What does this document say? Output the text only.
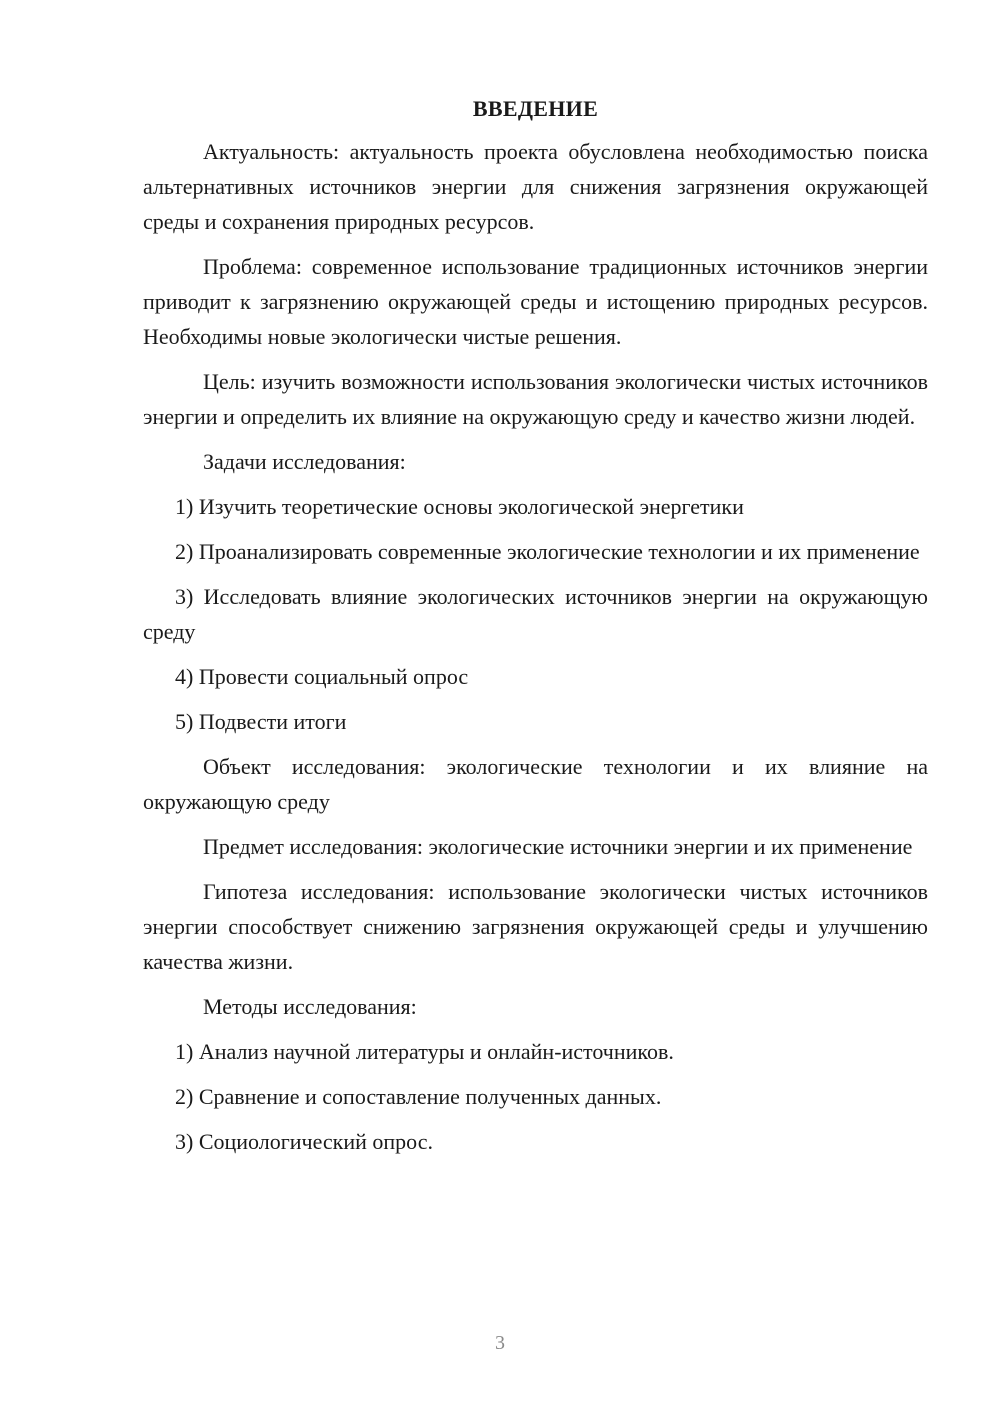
ВВЕДЕНИЕ

Актуальность: актуальность проекта обусловлена необходимостью поиска альтернативных источников энергии для снижения загрязнения окружающей среды и сохранения природных ресурсов.

Проблема: современное использование традиционных источников энергии приводит к загрязнению окружающей среды и истощению природных ресурсов. Необходимы новые экологически чистые решения.

Цель: изучить возможности использования экологически чистых источников энергии и определить их влияние на окружающую среду и качество жизни людей.

Задачи исследования:

1) Изучить теоретические основы экологической энергетики

2) Проанализировать современные экологические технологии и их применение

3) Исследовать влияние экологических источников энергии на окружающую среду

4) Провести социальный опрос

5) Подвести итоги

Объект исследования: экологические технологии и их влияние на окружающую среду

Предмет исследования: экологические источники энергии и их применение

Гипотеза исследования: использование экологически чистых источников энергии способствует снижению загрязнения окружающей среды и улучшению качества жизни.

Методы исследования:

1) Анализ научной литературы и онлайн-источников.

2) Сравнение и сопоставление полученных данных.

3) Социологический опрос.

3
